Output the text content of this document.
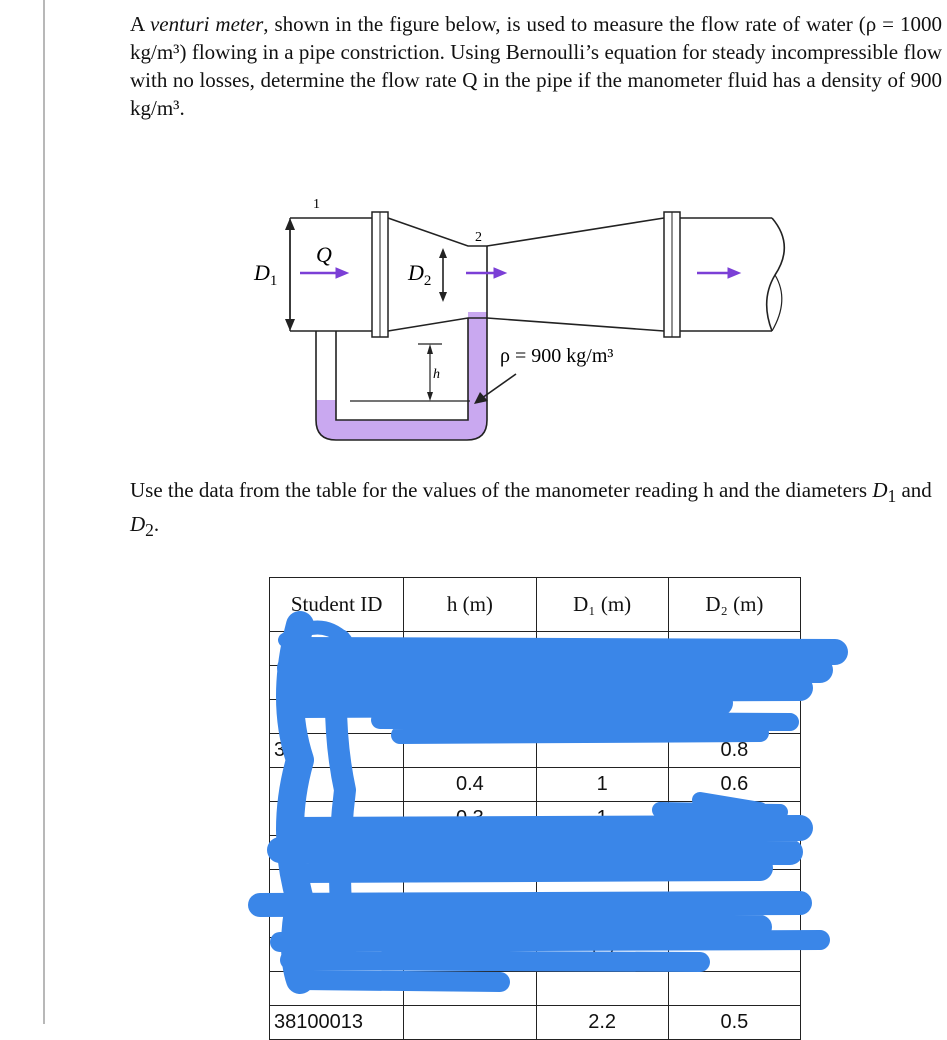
A venturi meter, shown in the figure below, is used to measure the flow rate of water (ρ = 1000 kg/m³) flowing in a pipe constriction. Using Bernoulli’s equation for steady incompressible flow with no losses, determine the flow rate Q in the pipe if the manometer fluid has a density of 900 kg/m³.
1
2
Q
$D_1$	$D_2$
h
ρ = 900 kg/m³
Use the data from the table for the values of the manometer reading h and the diameters $D_1$ and $D_2$.
Student ID	h (m)	D₁ (m)	D₂ (m)
	0.2	0.4	0.1

3			0.8
	0.4	1	0.6
	0.3	1	1.0

		1.7	

38100013		2.2	0.5
